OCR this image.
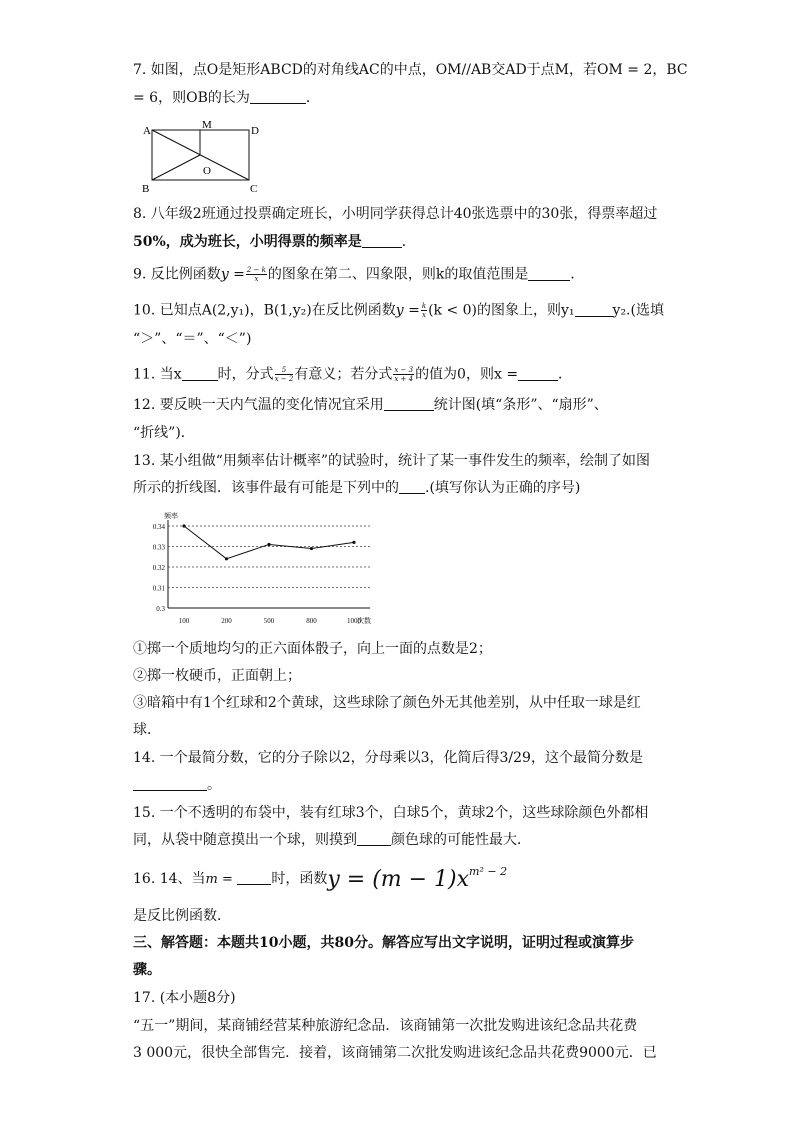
7. 如图，点O是矩形ABCD的对角线AC的中点，OM//AB交AD于点M，若OM = 2，BC
= 6，则OB的长为	．
A	M	D
O
B	C
8. 八年级2班通过投票确定班长，小明同学获得总计40张选票中的30张，得票率超过
50%，成为班长，小明得票的频率是	．
9. 反比例函数$y = \frac{2 - k}{x}$ 的图象在第二、四象限，则k的取值范围是	．
10. 已知点A(2,y₁)，B(1,y₂)在反比例函数$y = \frac{k}{x} (k < 0)$的图象上，则y₁	y₂.(选填
“＞”、“＝”、“＜”)
11. 当x	时，分式 $\frac{5}{x - 2}$ 有意义；若分式 $\frac{x - 3}{x + 4}$ 的值为0，则x =	．
12. 要反映一天内气温的变化情况宜采用	统计图(填“条形”、“扇形”、
“折线”)．
13. 某小组做“用频率估计概率”的试验时，统计了某一事件发生的频率，绘制了如图
所示的折线图．该事件最有可能是下列中的 .(填写你认为正确的序号)
0.34
0.33
0.32
0.31
0.3
频率
次数
100	200	500	800	1000
①掷一个质地均匀的正六面体骰子，向上一面的点数是2；
②掷一枚硬币，正面朝上；
③暗箱中有1个红球和2个黄球，这些球除了颜色外无其他差别，从中任取一球是红
球．
14. 一个最简分数，它的分子除以2，分母乘以3，化简后得3/29，这个最简分数是
。
15. 一个不透明的布袋中，装有红球3个，白球5个，黄球2个，这些球除颜色外都相
同，从袋中随意摸出一个球，则摸到 颜色球的可能性最大．
16. 14、当m =	时，函数$y = (m - 1)x^{m^2 - 2}$
是反比例函数．
三、解答题：本题共10小题，共80分。解答应写出文字说明，证明过程或演算步
骤。
17. (本小题8分)
“五一”期间，某商铺经营某种旅游纪念品．该商铺第一次批发购进该纪念品共花费
3 000元，很快全部售完．接着，该商铺第二次批发购进该纪念品共花费9000元．已
